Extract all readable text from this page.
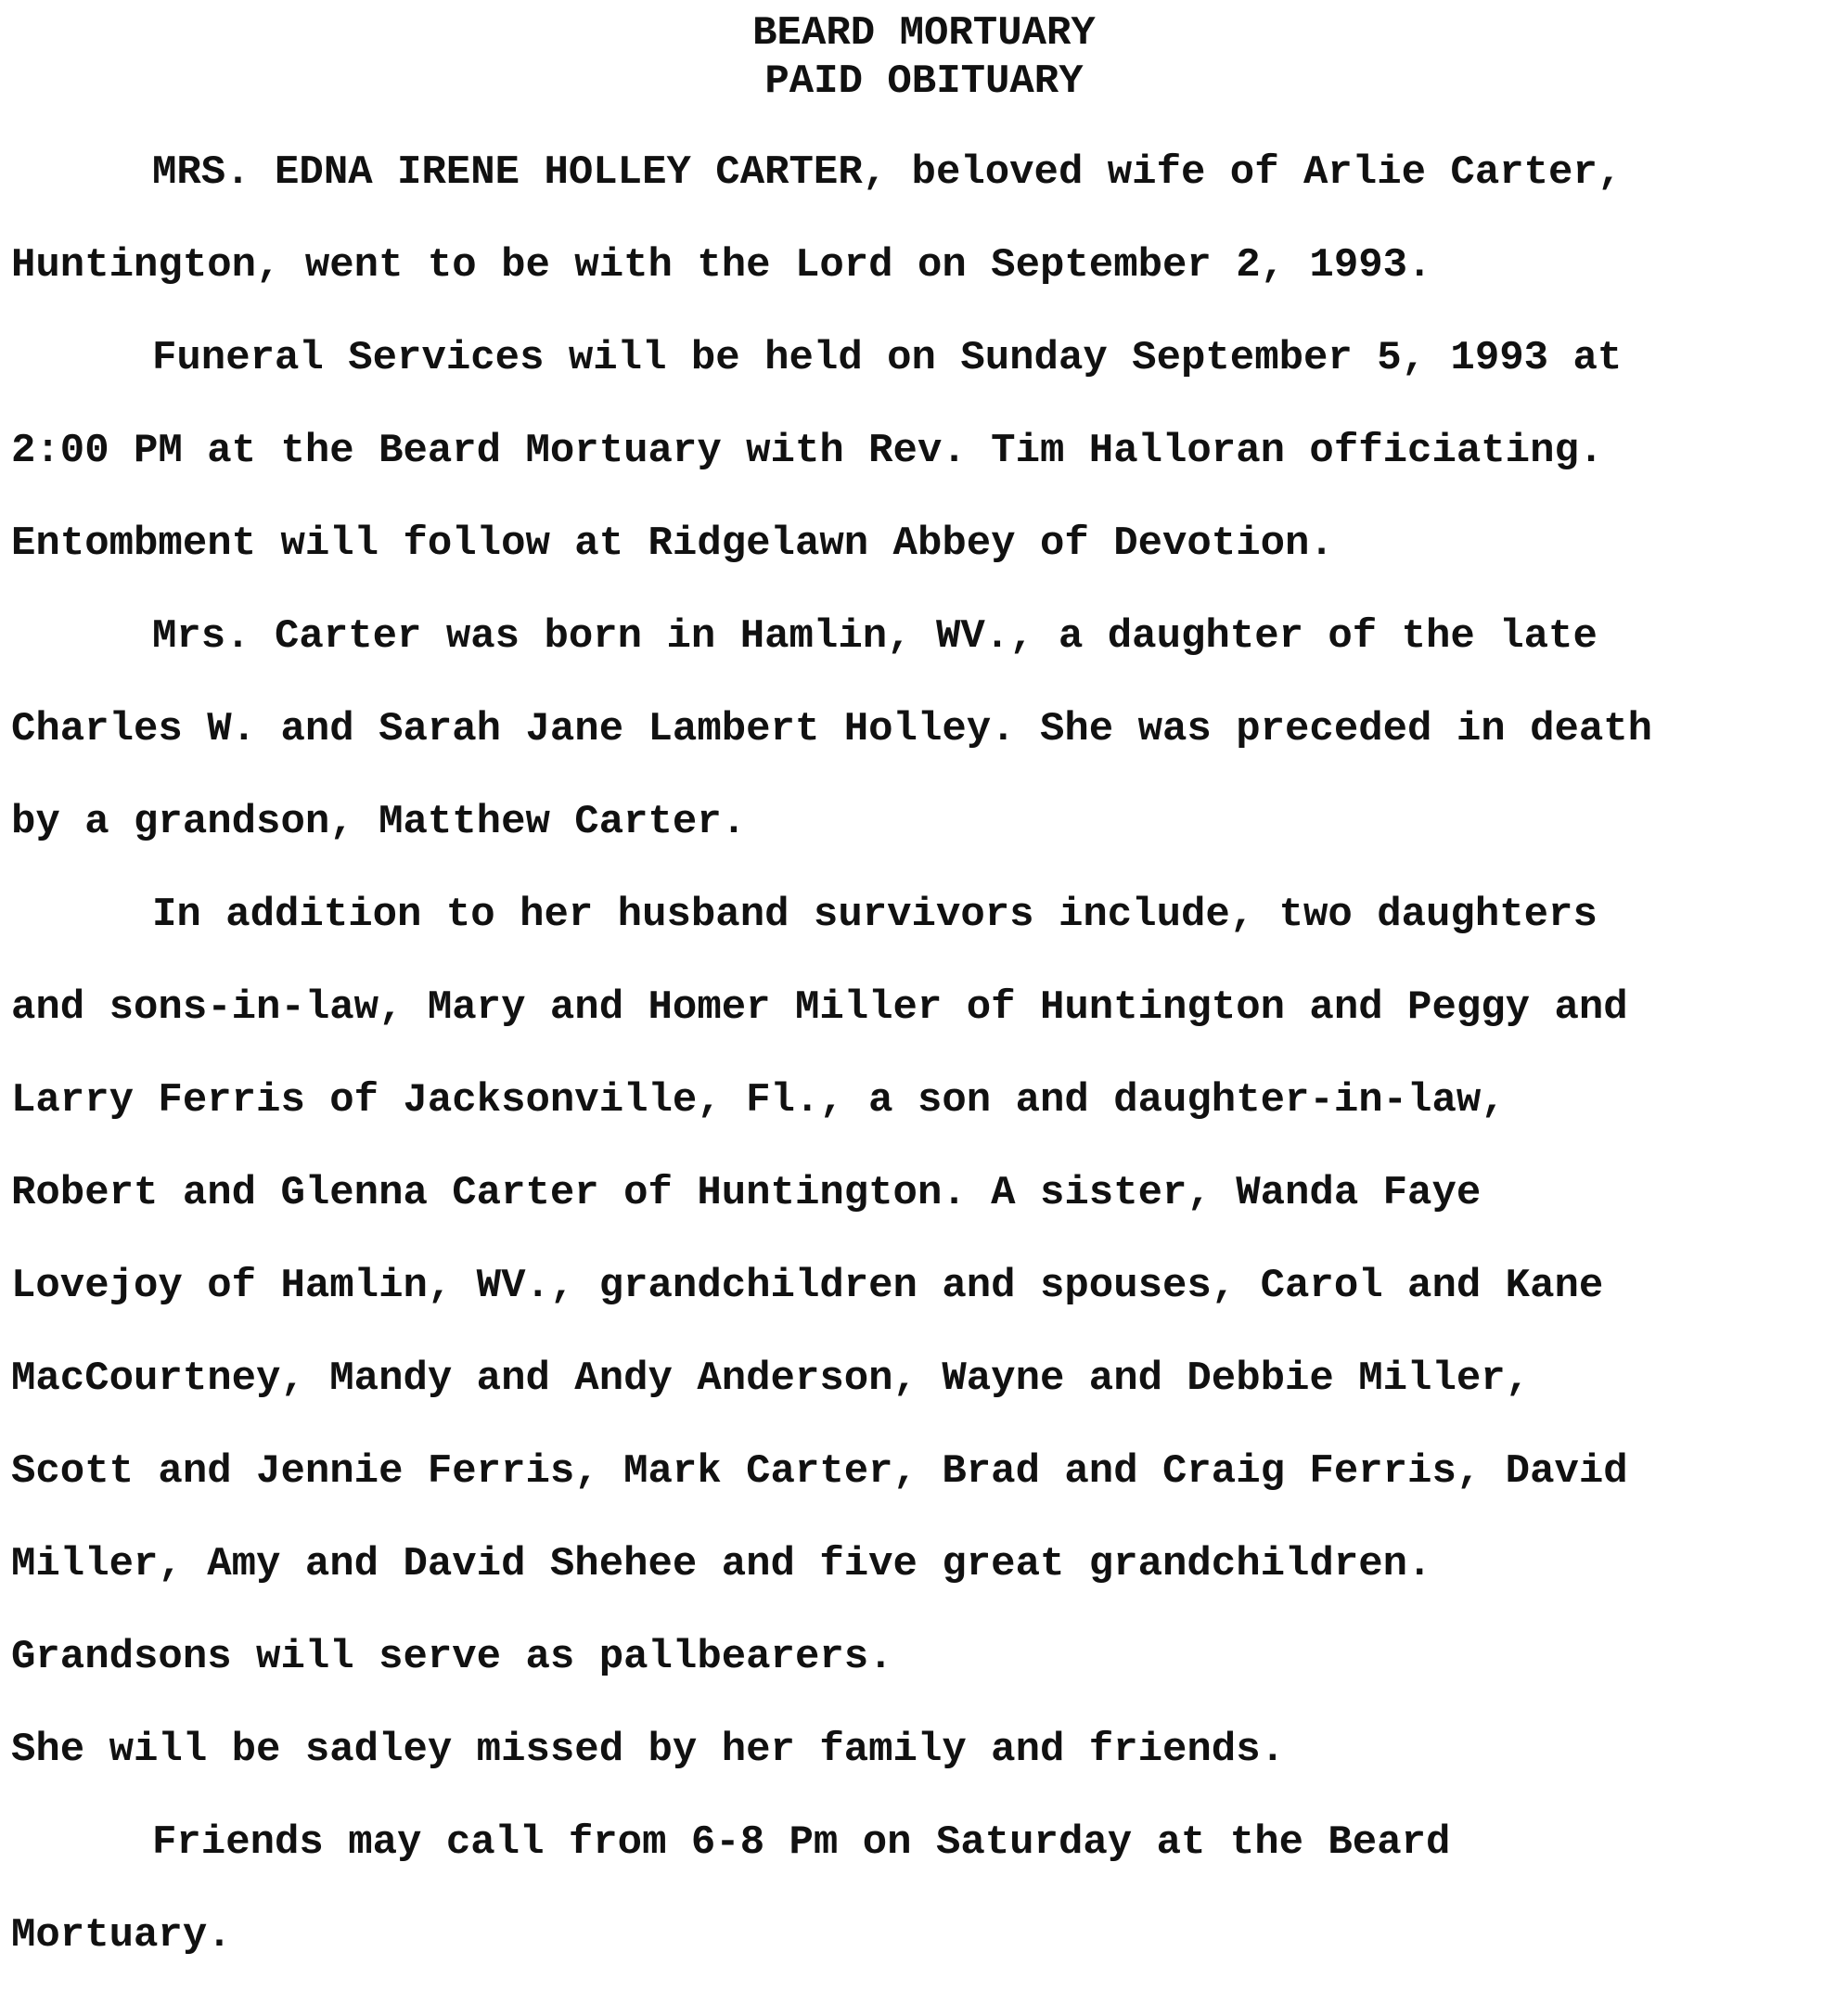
BEARD MORTUARY
PAID OBITUARY
MRS. EDNA IRENE HOLLEY CARTER, beloved wife of Arlie Carter,
Huntington, went to be with the Lord on September 2, 1993.
Funeral Services will be held on Sunday September 5, 1993 at
2:00 PM at the Beard Mortuary with Rev. Tim Halloran officiating.
Entombment will follow at Ridgelawn Abbey of Devotion.
Mrs. Carter was born in Hamlin, WV., a daughter of the late
Charles W. and Sarah Jane Lambert Holley. She was preceded in death
by a grandson, Matthew Carter.
In addition to her husband survivors include, two daughters
and sons-in-law, Mary and Homer Miller of Huntington and Peggy and
Larry Ferris of Jacksonville, Fl., a son and daughter-in-law,
Robert and Glenna Carter of Huntington. A sister, Wanda Faye
Lovejoy of Hamlin, WV., grandchildren and spouses, Carol and Kane
MacCourtney, Mandy and Andy Anderson, Wayne and Debbie Miller,
Scott and Jennie Ferris, Mark Carter, Brad and Craig Ferris, David
Miller, Amy and David Shehee and five great grandchildren.
Grandsons will serve as pallbearers.
She will be sadley missed by her family and friends.
Friends may call from 6-8 Pm on Saturday at the Beard
Mortuary.
